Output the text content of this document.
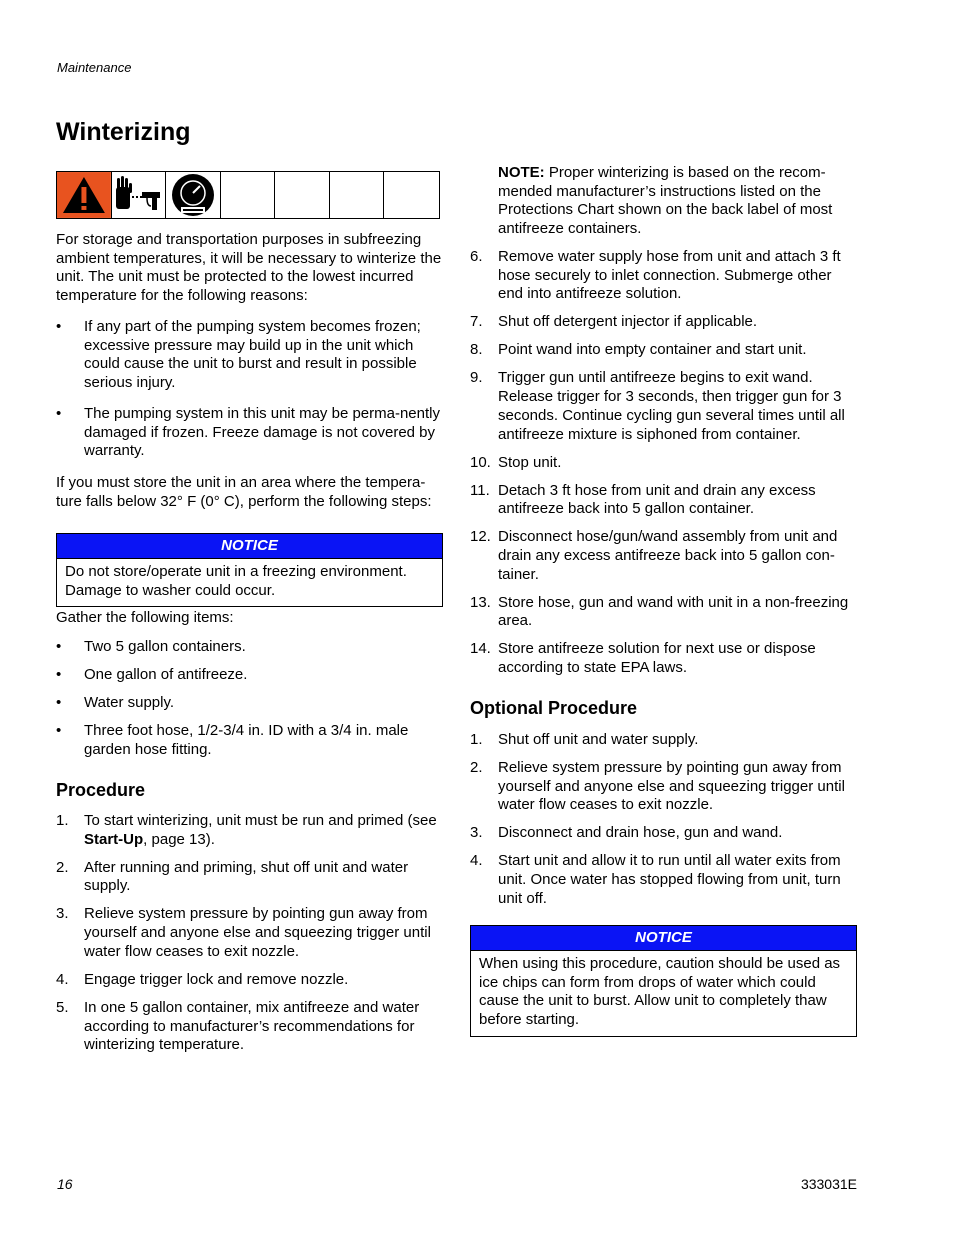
Maintenance
Winterizing

For storage and transportation purposes in subfreezing ambient temperatures, it will be necessary to winterize the unit. The unit must be protected to the lowest incurred temperature for the following reasons:

• If any part of the pumping system becomes frozen; excessive pressure may build up in the unit which could cause the unit to burst and result in possible serious injury.
• The pumping system in this unit may be perma-nently damaged if frozen. Freeze damage is not covered by warranty.

If you must store the unit in an area where the tempera-ture falls below 32° F (0° C), perform the following steps:

NOTICE
Do not store/operate unit in a freezing environment. Damage to washer could occur.

Gather the following items:

• Two 5 gallon containers.
• One gallon of antifreeze.
• Water supply.
• Three foot hose, 1/2-3/4 in. ID with a 3/4 in. male garden hose fitting.
Procedure
1. To start winterizing, unit must be run and primed (see Start-Up, page 13).
2. After running and priming, shut off unit and water supply.
3. Relieve system pressure by pointing gun away from yourself and anyone else and squeezing trigger until water flow ceases to exit nozzle.
4. Engage trigger lock and remove nozzle.
5. In one 5 gallon container, mix antifreeze and water according to manufacturer’s recommendations for winterizing temperature.

NOTE: Proper winterizing is based on the recom-mended manufacturer’s instructions listed on the Protections Chart shown on the back label of most antifreeze containers.

6. Remove water supply hose from unit and attach 3 ft hose securely to inlet connection. Submerge other end into antifreeze solution.
7. Shut off detergent injector if applicable.
8. Point wand into empty container and start unit.
9. Trigger gun until antifreeze begins to exit wand. Release trigger for 3 seconds, then trigger gun for 3 seconds. Continue cycling gun several times until all antifreeze mixture is siphoned from container.
10. Stop unit.
11. Detach 3 ft hose from unit and drain any excess antifreeze back into 5 gallon container.
12. Disconnect hose/gun/wand assembly from unit and drain any excess antifreeze back into 5 gallon con-tainer.
13. Store hose, gun and wand with unit in a non-freezing area.
14. Store antifreeze solution for next use or dispose according to state EPA laws.
Optional Procedure
1. Shut off unit and water supply.
2. Relieve system pressure by pointing gun away from yourself and anyone else and squeezing trigger until water flow ceases to exit nozzle.
3. Disconnect and drain hose, gun and wand.
4. Start unit and allow it to run until all water exits from unit. Once water has stopped flowing from unit, turn unit off.
NOTICE
When using this procedure, caution should be used as ice chips can form from drops of water which could cause the unit to burst. Allow unit to completely thaw before starting.
16	333031E
